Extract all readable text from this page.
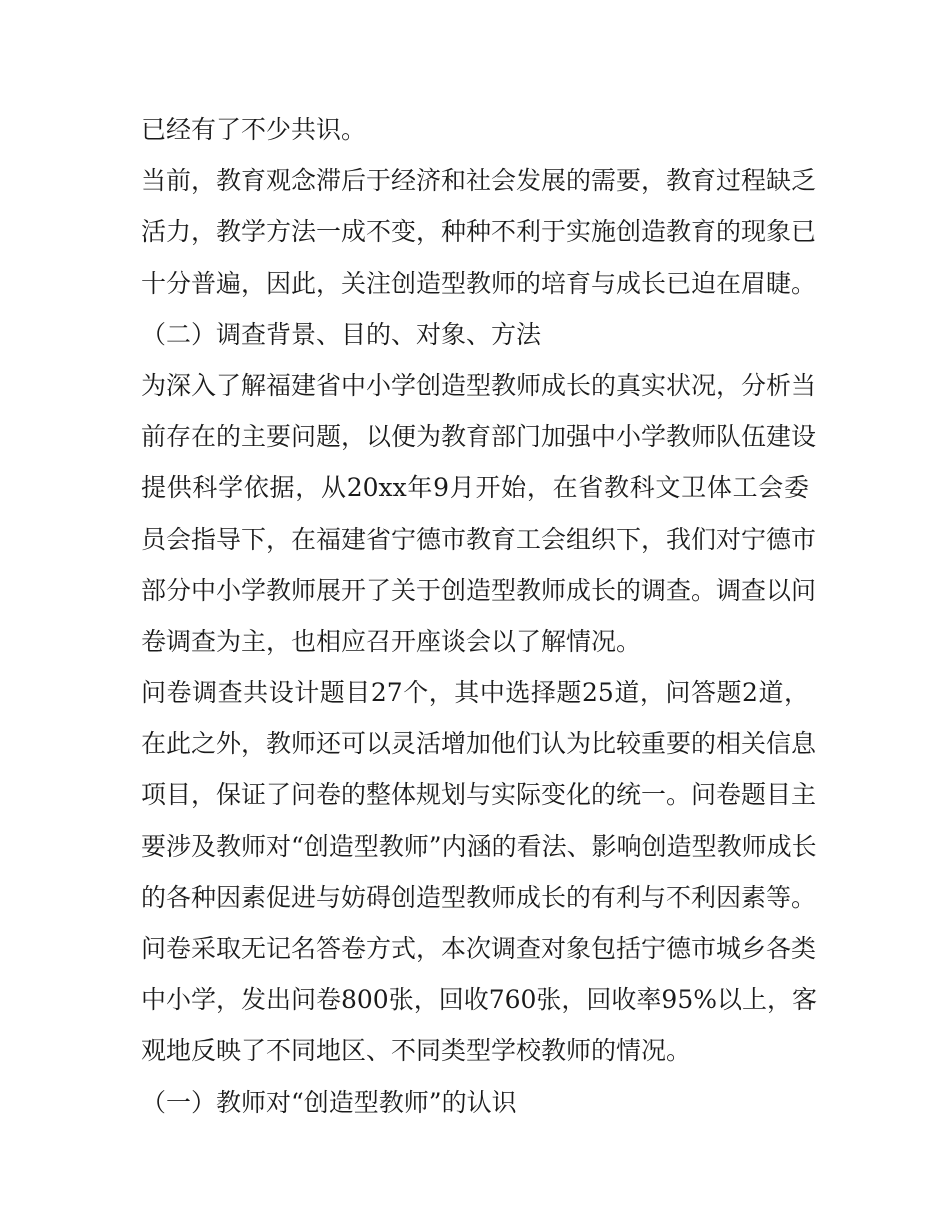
已经有了不少共识。
当前，教育观念滞后于经济和社会发展的需要，教育过程缺乏
活力，教学方法一成不变，种种不利于实施创造教育的现象已
十分普遍，因此，关注创造型教师的培育与成长已迫在眉睫。
（二）调查背景、目的、对象、方法
为深入了解福建省中小学创造型教师成长的真实状况，分析当
前存在的主要问题，以便为教育部门加强中小学教师队伍建设
提供科学依据，从20xx年9月开始，在省教科文卫体工会委
员会指导下，在福建省宁德市教育工会组织下，我们对宁德市
部分中小学教师展开了关于创造型教师成长的调查。调查以问
卷调查为主，也相应召开座谈会以了解情况。
问卷调查共设计题目27个，其中选择题25道，问答题2道，
在此之外，教师还可以灵活增加他们认为比较重要的相关信息
项目，保证了问卷的整体规划与实际变化的统一。问卷题目主
要涉及教师对“创造型教师”内涵的看法、影响创造型教师成长
的各种因素促进与妨碍创造型教师成长的有利与不利因素等。
问卷采取无记名答卷方式，本次调查对象包括宁德市城乡各类
中小学，发出问卷800张，回收760张，回收率95%以上，客
观地反映了不同地区、不同类型学校教师的情况。
（一）教师对“创造型教师”的认识
